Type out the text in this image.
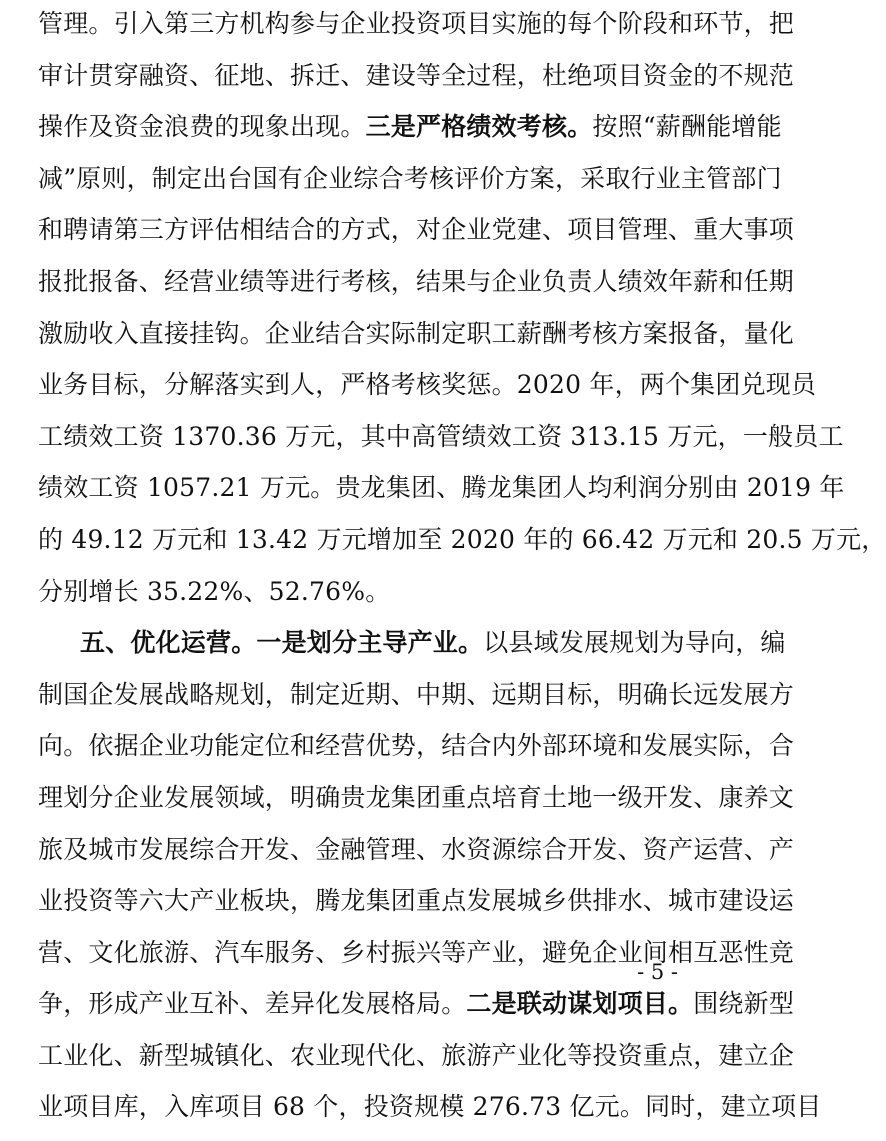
管理。引入第三方机构参与企业投资项目实施的每个阶段和环节，把
审计贯穿融资、征地、拆迁、建设等全过程，杜绝项目资金的不规范
操作及资金浪费的现象出现。三是严格绩效考核。按照“薪酬能增能
减”原则，制定出台国有企业综合考核评价方案，采取行业主管部门
和聘请第三方评估相结合的方式，对企业党建、项目管理、重大事项
报批报备、经营业绩等进行考核，结果与企业负责人绩效年薪和任期
激励收入直接挂钩。企业结合实际制定职工薪酬考核方案报备，量化
业务目标，分解落实到人，严格考核奖惩。2020 年，两个集团兑现员
工绩效工资 1370.36 万元，其中高管绩效工资 313.15 万元，一般员工
绩效工资 1057.21 万元。贵龙集团、腾龙集团人均利润分别由 2019 年
的 49.12 万元和 13.42 万元增加至 2020 年的 66.42 万元和 20.5 万元，
分别增长 35.22%、52.76%。
五、优化运营。一是划分主导产业。以县域发展规划为导向，编
制国企发展战略规划，制定近期、中期、远期目标，明确长远发展方
向。依据企业功能定位和经营优势，结合内外部环境和发展实际，合
理划分企业发展领域，明确贵龙集团重点培育土地一级开发、康养文
旅及城市发展综合开发、金融管理、水资源综合开发、资产运营、产
业投资等六大产业板块，腾龙集团重点发展城乡供排水、城市建设运
营、文化旅游、汽车服务、乡村振兴等产业，避免企业间相互恶性竞
争，形成产业互补、差异化发展格局。二是联动谋划项目。围绕新型
工业化、新型城镇化、农业现代化、旅游产业化等投资重点，建立企
业项目库，入库项目 68 个，投资规模 276.73 亿元。同时，建立项目
- 5 -
